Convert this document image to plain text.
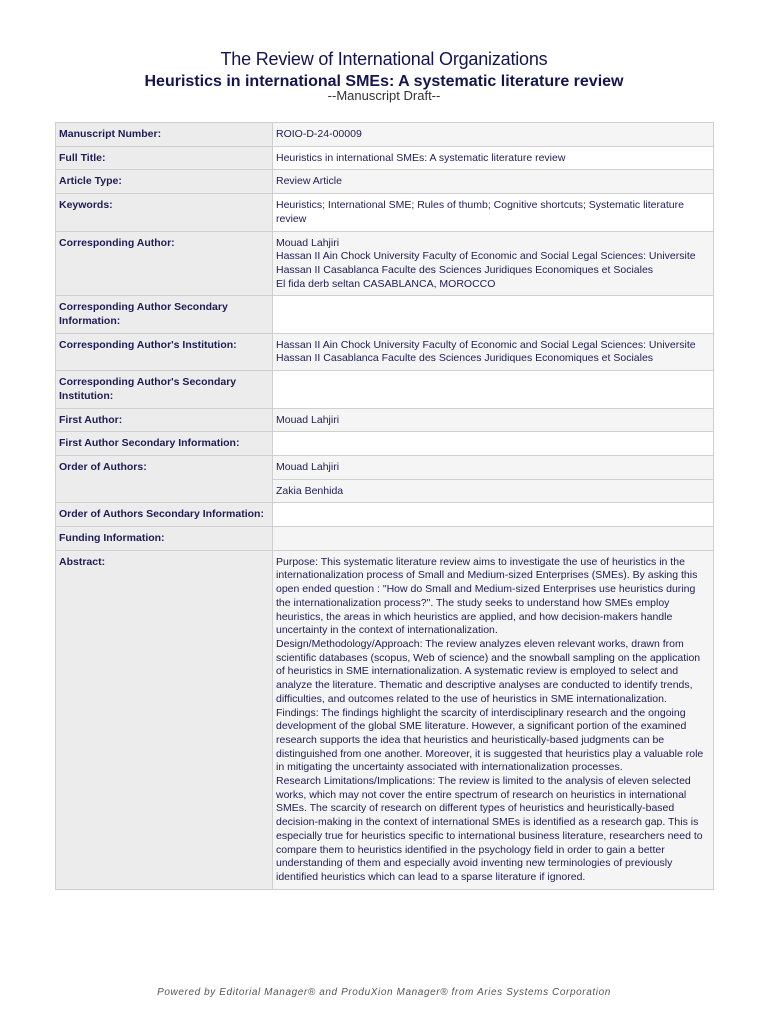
The Review of International Organizations
Heuristics in international SMEs: A systematic literature review

--Manuscript Draft--

Manuscript Number:	ROIO-D-24-00009
Full Title:	Heuristics in international SMEs: A systematic literature review
Article Type:	Review Article
Keywords:	Heuristics; International SME; Rules of thumb; Cognitive shortcuts; Systematic literature review
Corresponding Author:	Mouad Lahjiri
Hassan II Ain Chock University Faculty of Economic and Social Legal Sciences: Universite Hassan II Casablanca Faculte des Sciences Juridiques Economiques et Sociales
El fida derb seltan CASABLANCA, MOROCCO
Corresponding Author Secondary Information:	
Corresponding Author's Institution:	Hassan II Ain Chock University Faculty of Economic and Social Legal Sciences: Universite Hassan II Casablanca Faculte des Sciences Juridiques Economiques et Sociales
Corresponding Author's Secondary Institution:	
First Author:	Mouad Lahjiri
First Author Secondary Information:	
Order of Authors:	Mouad Lahjiri
	Zakia Benhida
Order of Authors Secondary Information:	
Funding Information:	
Abstract:	Purpose: This systematic literature review aims to investigate the use of heuristics in the internationalization process of Small and Medium-sized Enterprises (SMEs). By asking this open ended question : "How do Small and Medium-sized Enterprises use heuristics during the internationalization process?". The study seeks to understand how SMEs employ heuristics, the areas in which heuristics are applied, and how decision-makers handle uncertainty in the context of internationalization.
Design/Methodology/Approach: The review analyzes eleven relevant works, drawn from scientific databases (scopus, Web of science) and the snowball sampling on the application of heuristics in SME internationalization. A systematic review is employed to select and analyze the literature. Thematic and descriptive analyses are conducted to identify trends, difficulties, and outcomes related to the use of heuristics in SME internationalization.
Findings: The findings highlight the scarcity of interdisciplinary research and the ongoing development of the global SME literature. However, a significant portion of the examined research supports the idea that heuristics and heuristically-based judgments can be distinguished from one another. Moreover, it is suggested that heuristics play a valuable role in mitigating the uncertainty associated with internationalization processes.
Research Limitations/Implications: The review is limited to the analysis of eleven selected works, which may not cover the entire spectrum of research on heuristics in international SMEs. The scarcity of research on different types of heuristics and heuristically-based decision-making in the context of international SMEs is identified as a research gap. This is especially true for heuristics specific to international business literature, researchers need to compare them to heuristics identified in the psychology field in order to gain a better understanding of them and especially avoid inventing new terminologies of previously identified heuristics which can lead to a sparse literature if ignored.
Powered by Editorial Manager® and ProduXion Manager® from Aries Systems Corporation
